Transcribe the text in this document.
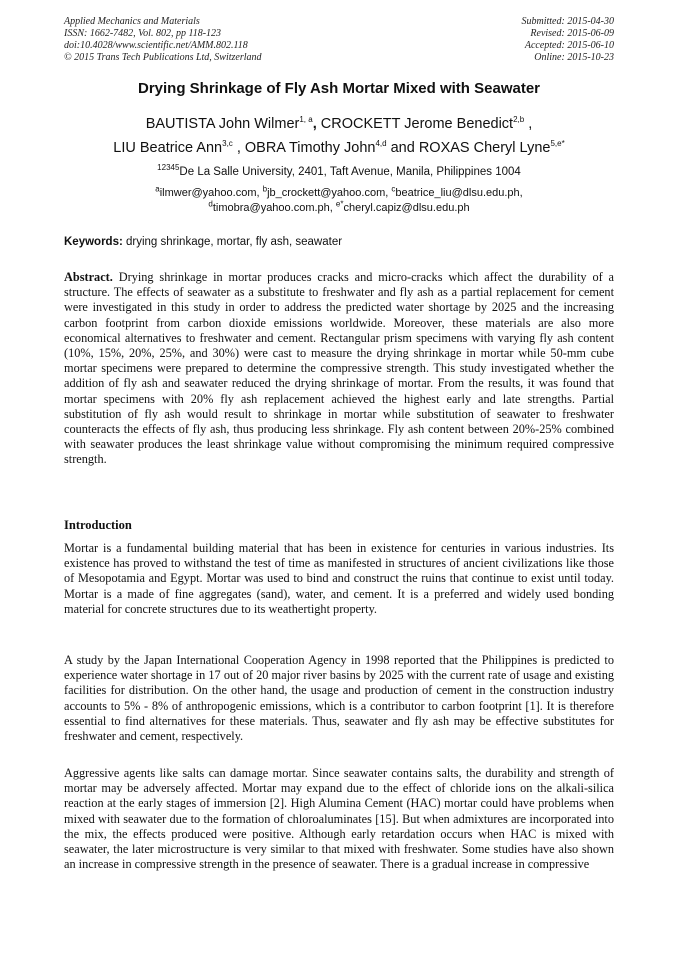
Applied Mechanics and Materials
ISSN: 1662-7482, Vol. 802, pp 118-123
doi:10.4028/www.scientific.net/AMM.802.118
© 2015 Trans Tech Publications Ltd, Switzerland
Submitted: 2015-04-30
Revised: 2015-06-09
Accepted: 2015-06-10
Online: 2015-10-23
Drying Shrinkage of Fly Ash Mortar Mixed with Seawater
BAUTISTA John Wilmer$^{1, a}$, CROCKETT Jerome Benedict$^{2,b}$ ,
LIU Beatrice Ann$^{3,c}$ , OBRA Timothy John$^{4,d}$ and ROXAS Cheryl Lyne$^{5,e*}$
$^{12345}$De La Salle University, 2401, Taft Avenue, Manila, Philippines 1004
$^a$ilmwer@yahoo.com, $^b$jb_crockett@yahoo.com, $^c$beatrice_liu@dlsu.edu.ph,
$^d$timobra@yahoo.com.ph, $^{e*}$cheryl.capiz@dlsu.edu.ph
Keywords: drying shrinkage, mortar, fly ash, seawater
Abstract. Drying shrinkage in mortar produces cracks and micro-cracks which affect the durability of a structure. The effects of seawater as a substitute to freshwater and fly ash as a partial replacement for cement were investigated in this study in order to address the predicted water shortage by 2025 and the increasing carbon footprint from carbon dioxide emissions worldwide. Moreover, these materials are also more economical alternatives to freshwater and cement. Rectangular prism specimens with varying fly ash content (10%, 15%, 20%, 25%, and 30%) were cast to measure the drying shrinkage in mortar while 50-mm cube mortar specimens were prepared to determine the compressive strength. This study investigated whether the addition of fly ash and seawater reduced the drying shrinkage of mortar. From the results, it was found that mortar specimens with 20% fly ash replacement achieved the highest early and late strengths. Partial substitution of fly ash would result to shrinkage in mortar while substitution of seawater to freshwater counteracts the effects of fly ash, thus producing less shrinkage. Fly ash content between 20%-25% combined with seawater produces the least shrinkage value without compromising the minimum required compressive strength.
Introduction
Mortar is a fundamental building material that has been in existence for centuries in various industries. Its existence has proved to withstand the test of time as manifested in structures of ancient civilizations like those of Mesopotamia and Egypt. Mortar was used to bind and construct the ruins that continue to exist until today. Mortar is a made of fine aggregates (sand), water, and cement. It is a preferred and widely used bonding material for concrete structures due to its weathertight property.
A study by the Japan International Cooperation Agency in 1998 reported that the Philippines is predicted to experience water shortage in 17 out of 20 major river basins by 2025 with the current rate of usage and existing facilities for distribution. On the other hand, the usage and production of cement in the construction industry accounts to 5% - 8% of anthropogenic emissions, which is a contributor to carbon footprint [1]. It is therefore essential to find alternatives for these materials. Thus, seawater and fly ash may be effective substitutes for freshwater and cement, respectively.
Aggressive agents like salts can damage mortar. Since seawater contains salts, the durability and strength of mortar may be adversely affected. Mortar may expand due to the effect of chloride ions on the alkali-silica reaction at the early stages of immersion [2]. High Alumina Cement (HAC) mortar could have problems when mixed with seawater due to the formation of chloroaluminates [15]. But when admixtures are incorporated into the mix, the effects produced were positive. Although early retardation occurs when HAC is mixed with seawater, the later microstructure is very similar to that mixed with freshwater. Some studies have also shown an increase in compressive strength in the presence of seawater. There is a gradual increase in compressive
